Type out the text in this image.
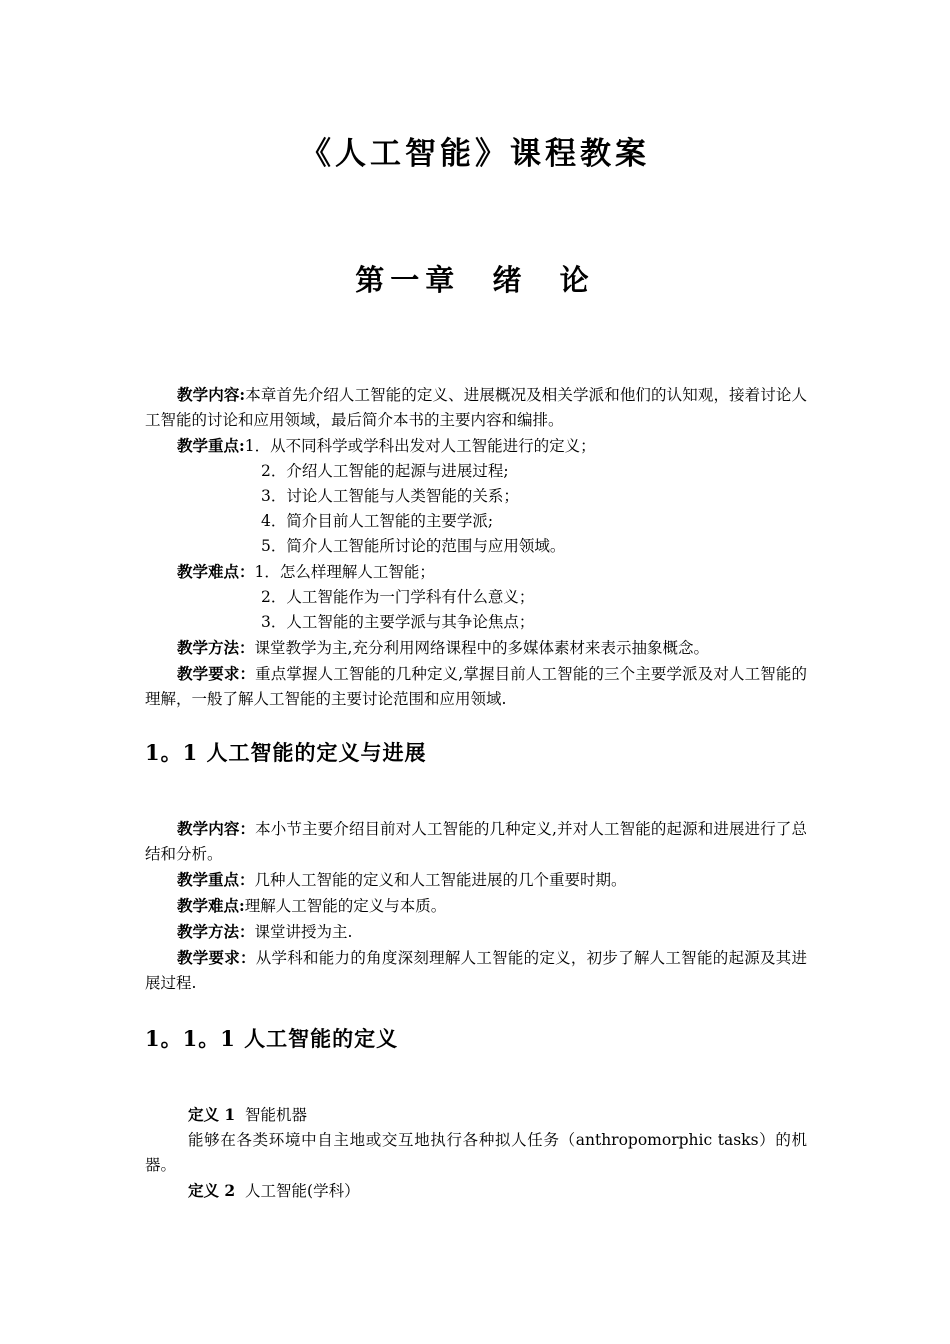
《人工智能》课程教案
第一章  绪  论

教学内容:本章首先介绍人工智能的定义、进展概况及相关学派和他们的认知观，接着讨论人工智能的讨论和应用领域，最后简介本书的主要内容和编排。

教学重点:1．从不同科学或学科出发对人工智能进行的定义；

2．介绍人工智能的起源与进展过程;

3．讨论人工智能与人类智能的关系；

4．简介目前人工智能的主要学派;

5．简介人工智能所讨论的范围与应用领域。

教学难点：1．怎么样理解人工智能；

2．人工智能作为一门学科有什么意义；

3．人工智能的主要学派与其争论焦点；

教学方法：课堂教学为主,充分利用网络课程中的多媒体素材来表示抽象概念。

教学要求：重点掌握人工智能的几种定义,掌握目前人工智能的三个主要学派及对人工智能的理解，一般了解人工智能的主要讨论范围和应用领域.

1。1 人工智能的定义与进展

教学内容：本小节主要介绍目前对人工智能的几种定义,并对人工智能的起源和进展进行了总结和分析。

教学重点：几种人工智能的定义和人工智能进展的几个重要时期。

教学难点:理解人工智能的定义与本质。

教学方法：课堂讲授为主.

教学要求：从学科和能力的角度深刻理解人工智能的定义，初步了解人工智能的起源及其进展过程.

1。1。1 人工智能的定义

定义 1 智能机器

能够在各类环境中自主地或交互地执行各种拟人任务（anthropomorphic tasks）的机器。

定义 2 人工智能(学科）
